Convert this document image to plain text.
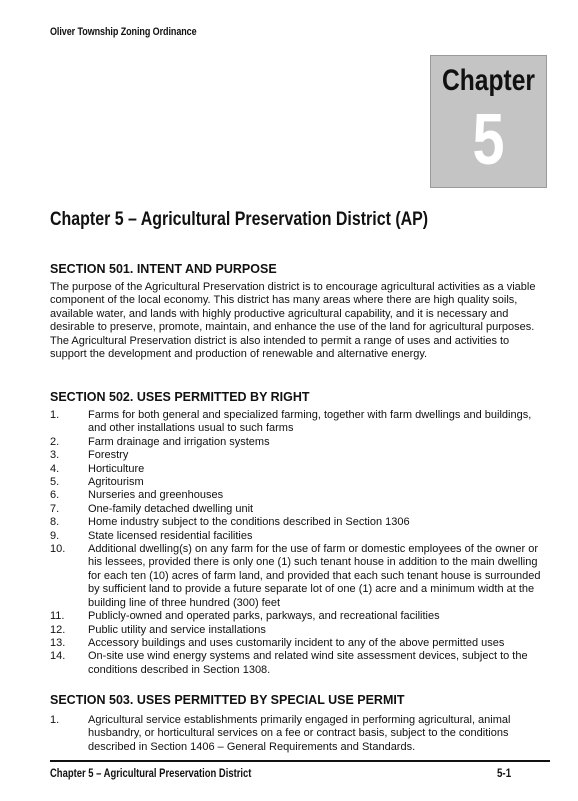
Oliver Township Zoning Ordinance
Chapter
5
Chapter 5 – Agricultural Preservation District (AP)
SECTION 501. INTENT AND PURPOSE

The purpose of the Agricultural Preservation district is to encourage agricultural activities as a viable component of the local economy. This district has many areas where there are high quality soils, available water, and lands with highly productive agricultural capability, and it is necessary and desirable to preserve, promote, maintain, and enhance the use of the land for agricultural purposes. The Agricultural Preservation district is also intended to permit a range of uses and activities to support the development and production of renewable and alternative energy.

SECTION 502. USES PERMITTED BY RIGHT
1.	Farms for both general and specialized farming, together with farm dwellings and buildings, and other installations usual to such farms
2.	Farm drainage and irrigation systems
3.	Forestry
4.	Horticulture
5.	Agritourism
6.	Nurseries and greenhouses
7.	One-family detached dwelling unit
8.	Home industry subject to the conditions described in Section 1306
9.	State licensed residential facilities
10. Additional dwelling(s) on any farm for the use of farm or domestic employees of the owner or his lessees, provided there is only one (1) such tenant house in addition to the main dwelling for each ten (10) acres of farm land, and provided that each such tenant house is surrounded by sufficient land to provide a future separate lot of one (1) acre and a minimum width at the building line of three hundred (300) feet
11. Publicly-owned and operated parks, parkways, and recreational facilities
12. Public utility and service installations
13. Accessory buildings and uses customarily incident to any of the above permitted uses
14. On-site use wind energy systems and related wind site assessment devices, subject to the conditions described in Section 1308.
SECTION 503. USES PERMITTED BY SPECIAL USE PERMIT
1.	Agricultural service establishments primarily engaged in performing agricultural, animal husbandry, or horticultural services on a fee or contract basis, subject to the conditions described in Section 1406 – General Requirements and Standards.
Chapter 5 – Agricultural Preservation District	5-1
